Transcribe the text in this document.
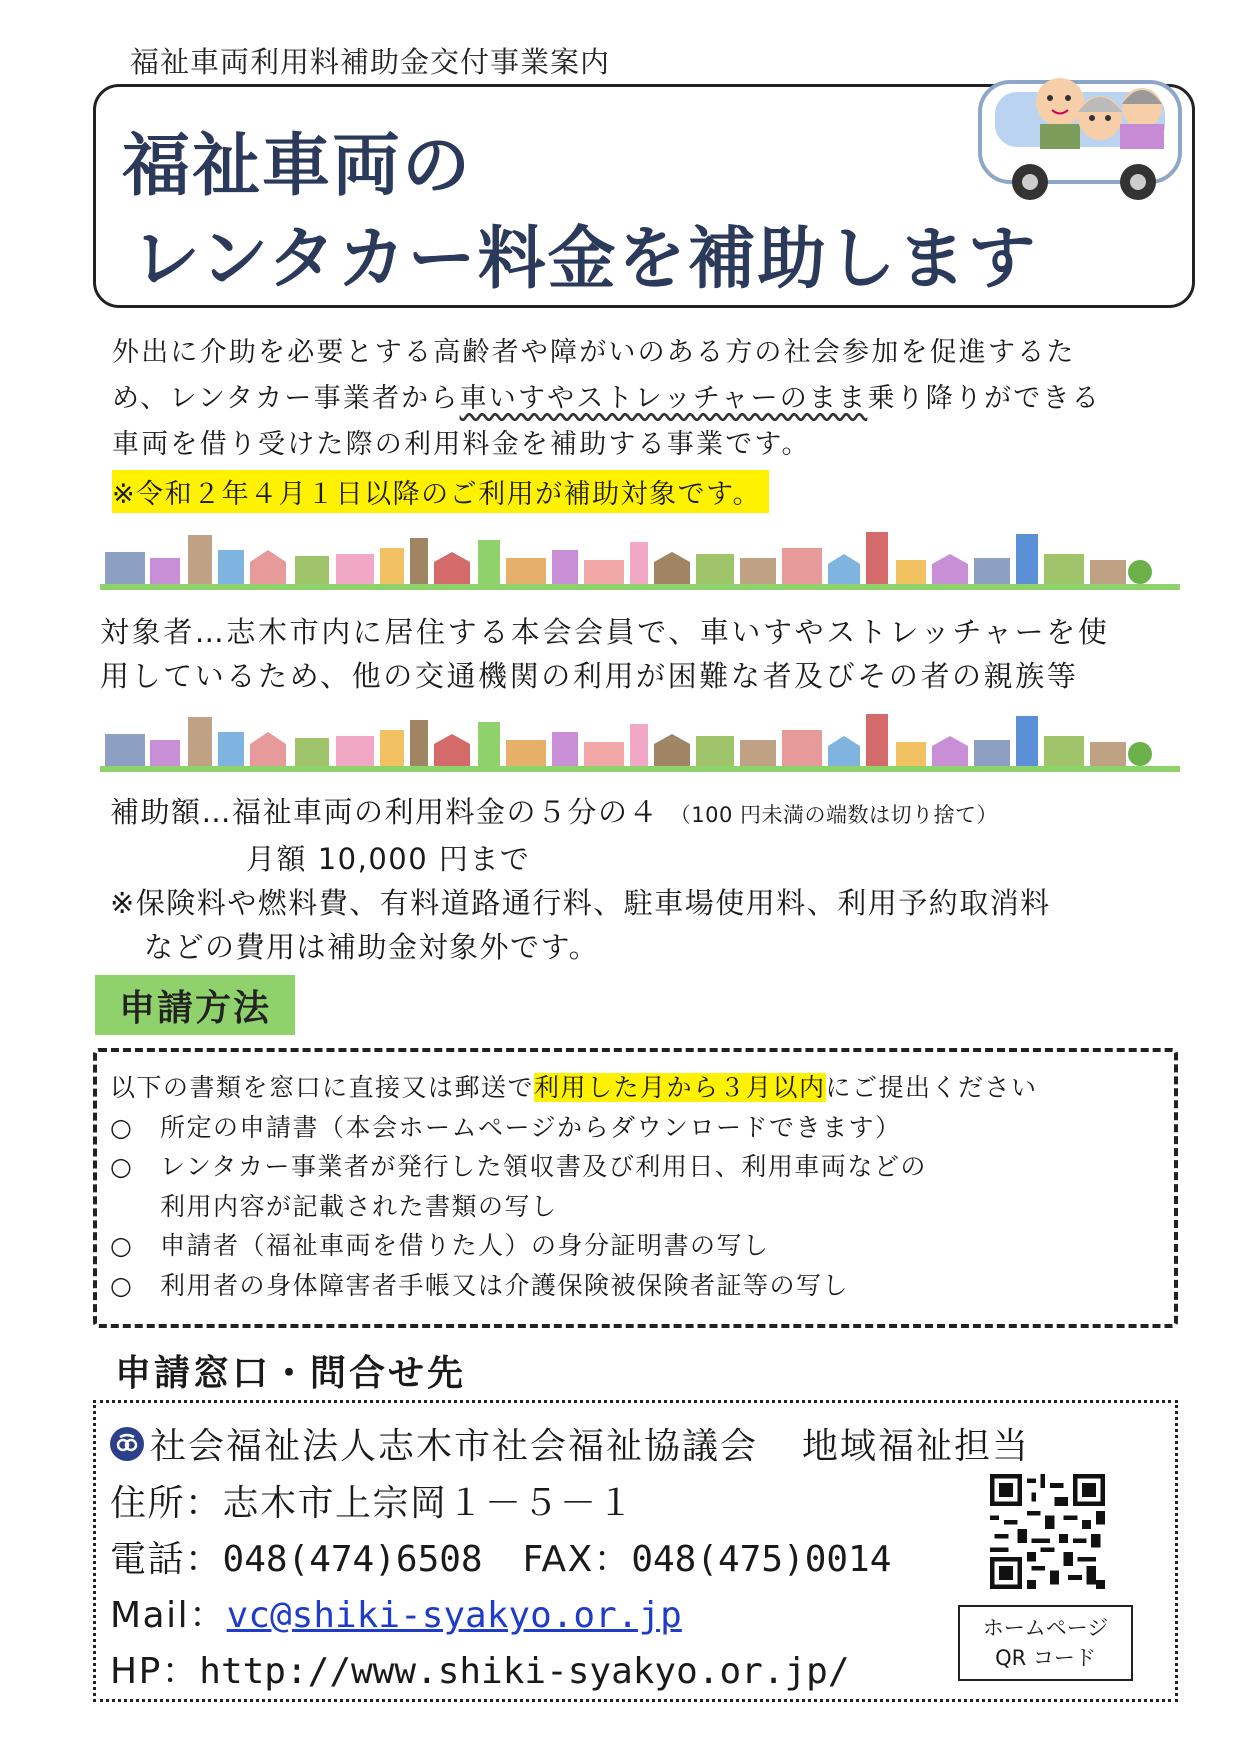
福祉車両利用料補助金交付事業案内
福祉車両の
レンタカー料金を補助します
外出に介助を必要とする高齢者や障がいのある方の社会参加を促進するた
め、レンタカー事業者から車いすやストレッチャーのまま乗り降りができる
車両を借り受けた際の利用料金を補助する事業です。
※令和２年４月１日以降のご利用が補助対象です。
対象者…志木市内に居住する本会会員で、車いすやストレッチャーを使
用しているため、他の交通機関の利用が困難な者及びその者の親族等
補助額…福祉車両の利用料金の５分の４ （100 円未満の端数は切り捨て）
月額 10,000 円まで
※保険料や燃料費、有料道路通行料、駐車場使用料、利用予約取消料
などの費用は補助金対象外です。
申請方法
以下の書類を窓口に直接又は郵送で利用した月から３月以内にご提出ください
○ 所定の申請書（本会ホームページからダウンロードできます）
○ レンタカー事業者が発行した領収書及び利用日、利用車両などの
利用内容が記載された書類の写し
○ 申請者（福祉車両を借りた人）の身分証明書の写し
○ 利用者の身体障害者手帳又は介護保険被保険者証等の写し
申請窓口・問合せ先
社会福祉法人志木市社会福祉協議会 地域福祉担当
住所：志木市上宗岡１－５－１
電話：048(474)6508 FAX：048(475)0014
Mail：vc@shiki-syakyo.or.jp
HP：http://www.shiki-syakyo.or.jp/
ホームページ
QR コード
